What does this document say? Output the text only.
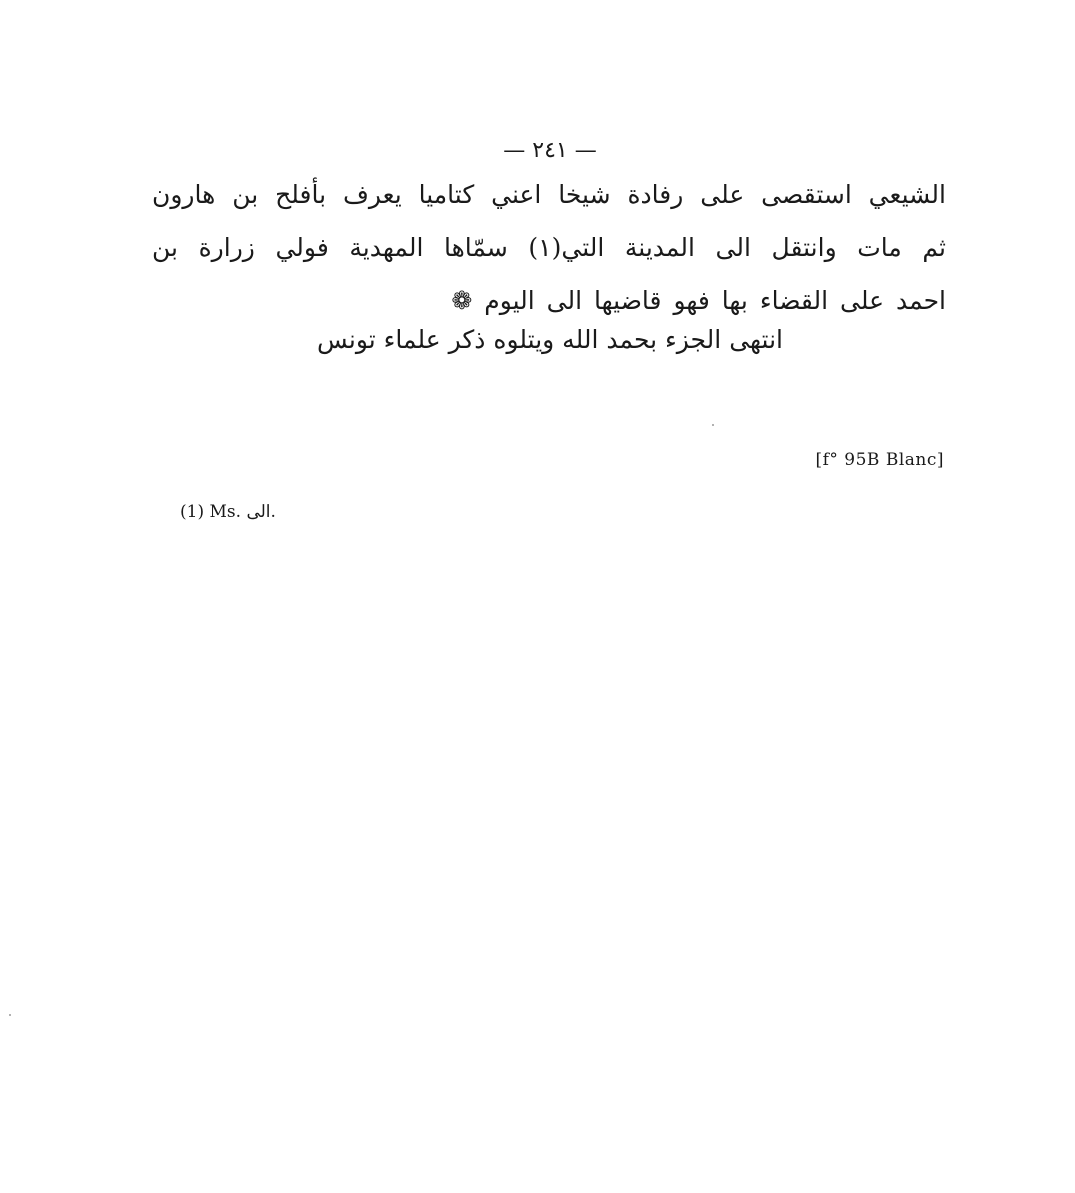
— ٢٤١ —
الشيعي استقصى على رفادة شيخا اعني كتاميا يعرف بأفلح بن هارون
ثم مات وانتقل الى المدينة التي(١) سمّاها المهدية فولي زرارة بن
احمد على القضاء بها فهو قاضيها الى اليوم ❁
انتهى الجزء بحمد الله ويتلوه ذكر علماء تونس
[f° 95B Blanc]
(1) Ms. الى.
